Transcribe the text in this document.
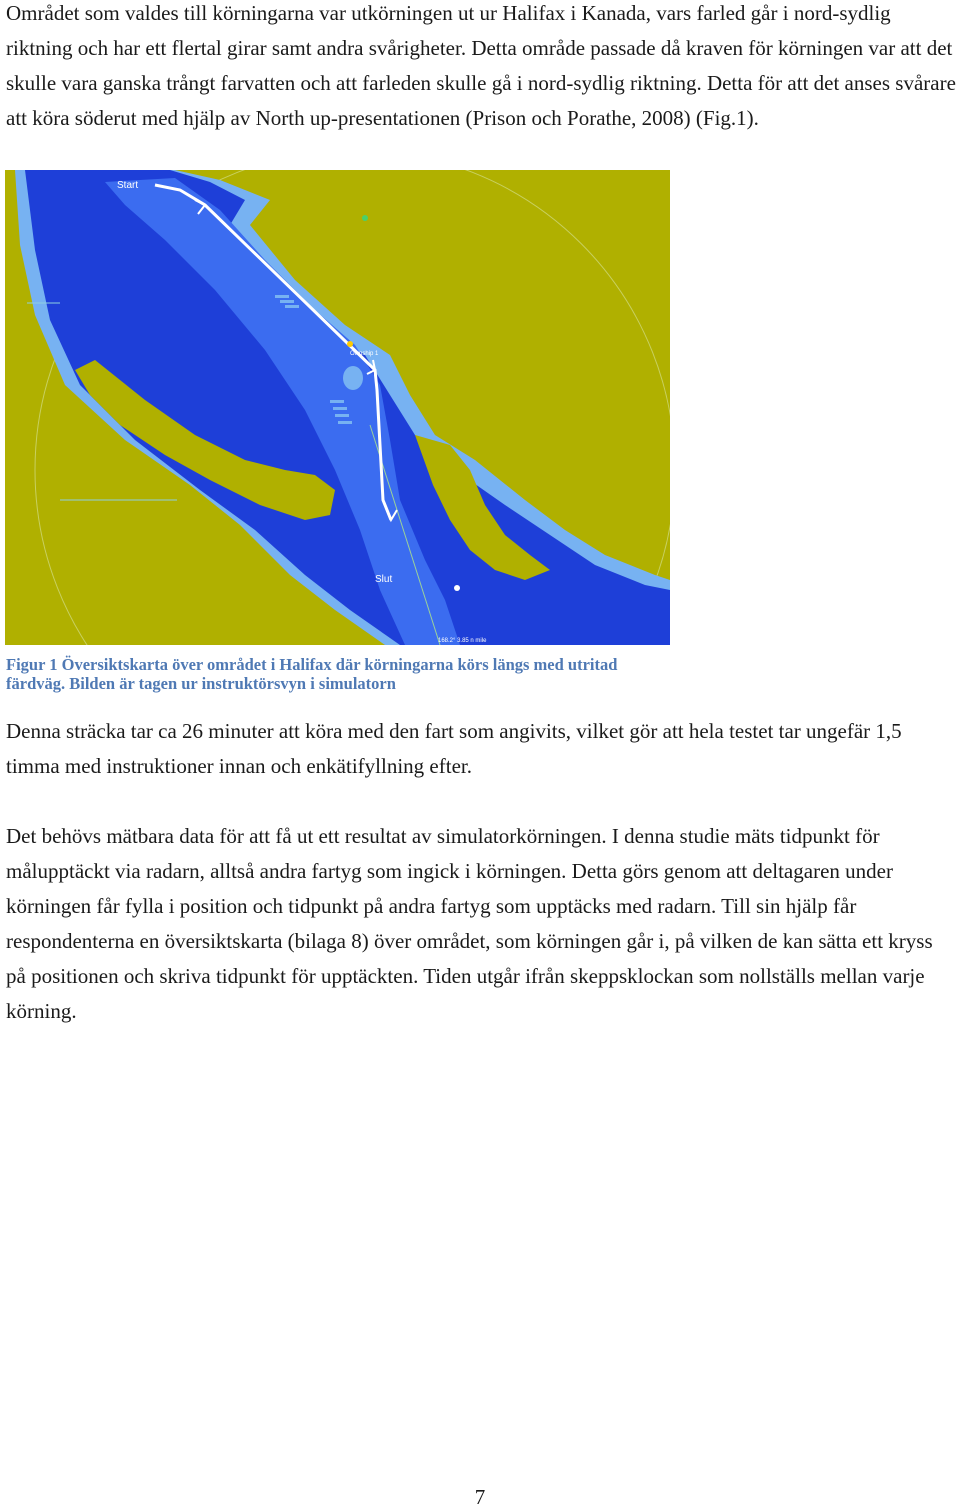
Området som valdes till körningarna var utkörningen ut ur Halifax i Kanada, vars farled går i nord-sydlig riktning och har ett flertal girar samt andra svårigheter. Detta område passade då kraven för körningen var att det skulle vara ganska trångt farvatten och att farleden skulle gå i nord-sydlig riktning. Detta för att det anses svårare att köra söderut med hjälp av North up-presentationen (Prison och Porathe, 2008) (Fig.1).

Start
Ownship 1
Slut
168.2° 3.85 n mile

Figur 1 Översiktskarta över området i Halifax där körningarna körs längs med utritad färdväg. Bilden är tagen ur instruktörsvyn i simulatorn

Denna sträcka tar ca 26 minuter att köra med den fart som angivits, vilket gör att hela testet tar ungefär 1,5 timma med instruktioner innan och enkätifyllning efter.

Det behövs mätbara data för att få ut ett resultat av simulatorkörningen. I denna studie mäts tidpunkt för målupptäckt via radarn, alltså andra fartyg som ingick i körningen. Detta görs genom att deltagaren under körningen får fylla i position och tidpunkt på andra fartyg som upptäcks med radarn. Till sin hjälp får respondenterna en översiktskarta (bilaga 8) över området, som körningen går i, på vilken de kan sätta ett kryss på positionen och skriva tidpunkt för upptäckten. Tiden utgår ifrån skeppsklockan som nollställs mellan varje körning.

7
